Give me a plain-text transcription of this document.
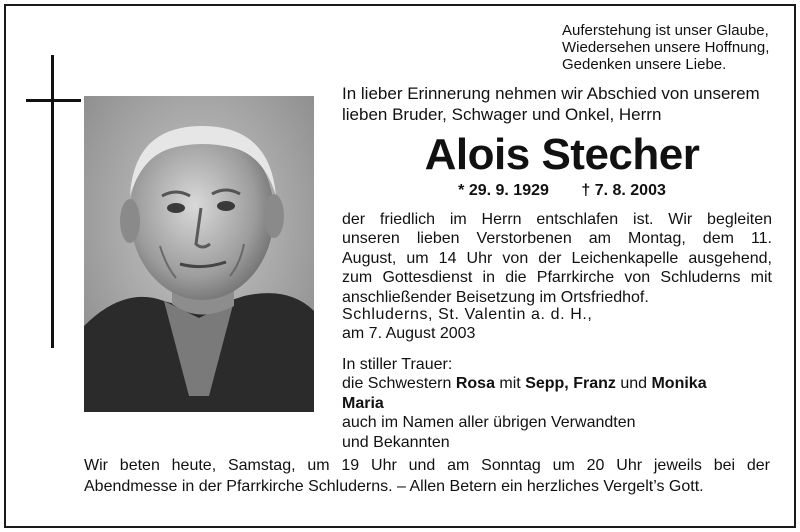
Auferstehung ist unser Glaube,
Wiedersehen unsere Hoffnung,
Gedenken unsere Liebe.
In lieber Erinnerung nehmen wir Abschied von unserem
lieben Bruder, Schwager und Onkel, Herrn
Alois Stecher
* 29. 9. 1929 † 7. 8. 2003
der friedlich im Herrn entschlafen ist. Wir begleiten
unseren lieben Verstorbenen am Montag, dem 11.
August, um 14 Uhr von der Leichenkapelle ausgehend,
zum Gottesdienst in die Pfarrkirche von Schluderns mit
anschließender Beisetzung im Ortsfriedhof.
Schluderns, St. Valentin a. d. H.,
am 7. August 2003
In stiller Trauer:
die Schwestern Rosa mit Sepp, Franz und Monika
Maria
auch im Namen aller übrigen Verwandten
und Bekannten
Wir beten heute, Samstag, um 19 Uhr und am Sonntag um 20 Uhr jeweils bei der
Abendmesse in der Pfarrkirche Schluderns. – Allen Betern ein herzliches Vergelt’s Gott.
